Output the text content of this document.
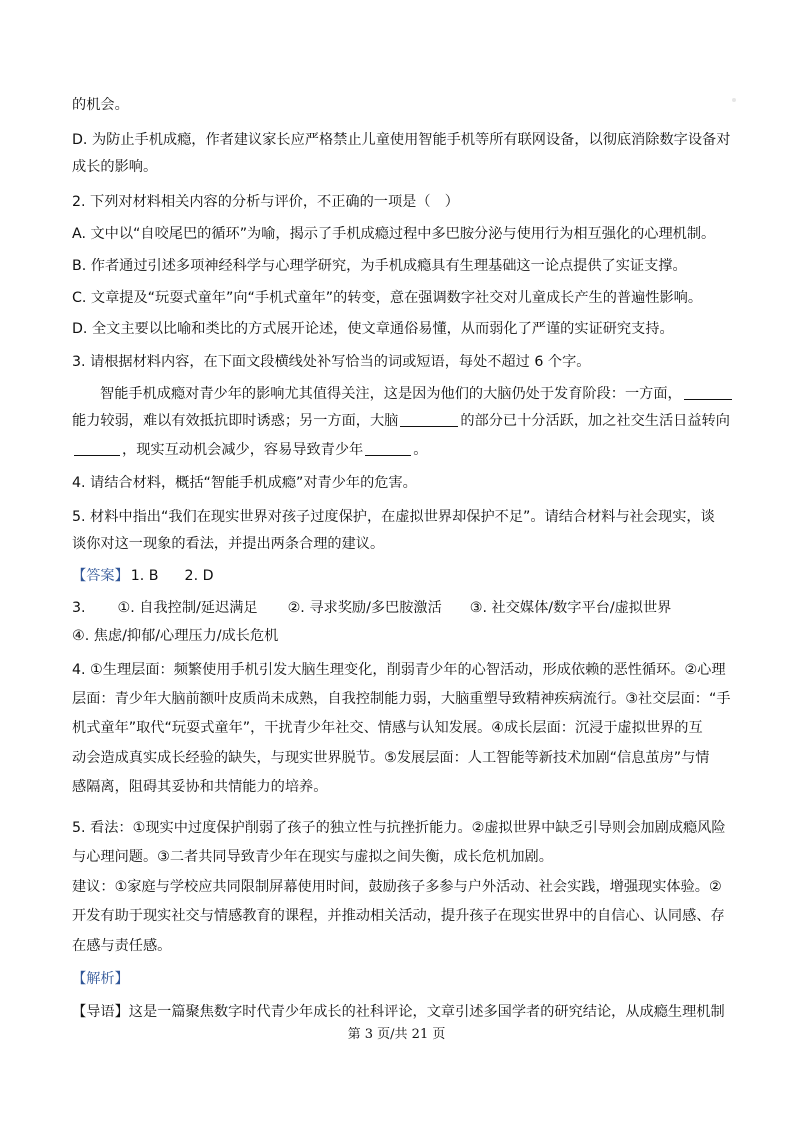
的机会。
D. 为防止手机成瘾，作者建议家长应严格禁止儿童使用智能手机等所有联网设备，以彻底消除数字设备对
成长的影响。
2. 下列对材料相关内容的分析与评价，不正确的一项是（　）
A. 文中以“自咬尾巴的循环”为喻，揭示了手机成瘾过程中多巴胺分泌与使用行为相互强化的心理机制。
B. 作者通过引述多项神经科学与心理学研究，为手机成瘾具有生理基础这一论点提供了实证支撑。
C. 文章提及“玩耍式童年”向“手机式童年”的转变，意在强调数字社交对儿童成长产生的普遍性影响。
D. 全文主要以比喻和类比的方式展开论述，使文章通俗易懂，从而弱化了严谨的实证研究支持。
3. 请根据材料内容，在下面文段横线处补写恰当的词或短语，每处不超过 6 个字。
智能手机成瘾对青少年的影响尤其值得关注，这是因为他们的大脑仍处于发育阶段：一方面，
能力较弱，难以有效抵抗即时诱惑；另一方面，大脑	的部分已十分活跃，加之社交生活日益转向
，现实互动机会减少，容易导致青少年	。
4. 请结合材料，概括“智能手机成瘾”对青少年的危害。
5. 材料中指出“我们在现实世界对孩子过度保护，在虚拟世界却保护不足”。请结合材料与社会现实，谈
谈你对这一现象的看法，并提出两条合理的建议。
【答案】 1. B 2. D
3. ①. 自我控制/延迟满足 ②. 寻求奖励/多巴胺激活 ③. 社交媒体/数字平台/虚拟世界
④. 焦虑/抑郁/心理压力/成长危机
4. ①生理层面：频繁使用手机引发大脑生理变化，削弱青少年的心智活动，形成依赖的恶性循环。②心理
层面：青少年大脑前额叶皮质尚未成熟，自我控制能力弱，大脑重塑导致精神疾病流行。③社交层面：“手
机式童年”取代“玩耍式童年”，干扰青少年社交、情感与认知发展。④成长层面：沉浸于虚拟世界的互
动会造成真实成长经验的缺失，与现实世界脱节。⑤发展层面：人工智能等新技术加剧“信息茧房”与情
感隔离，阻碍其妥协和共情能力的培养。
5. 看法：①现实中过度保护削弱了孩子的独立性与抗挫折能力。②虚拟世界中缺乏引导则会加剧成瘾风险
与心理问题。③二者共同导致青少年在现实与虚拟之间失衡，成长危机加剧。
建议：①家庭与学校应共同限制屏幕使用时间，鼓励孩子多参与户外活动、社会实践，增强现实体验。②
开发有助于现实社交与情感教育的课程，并推动相关活动，提升孩子在现实世界中的自信心、认同感、存
在感与责任感。
【解析】
【导语】这是一篇聚焦数字时代青少年成长的社科评论，文章引述多国学者的研究结论，从成瘾生理机制
第 3 页/共 21 页
